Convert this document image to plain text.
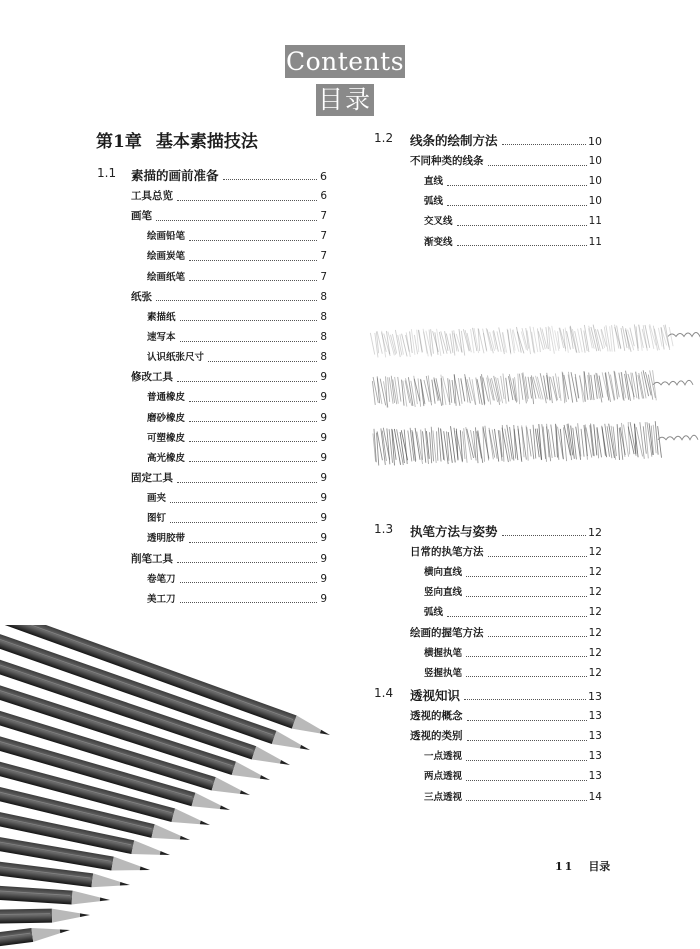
Contents
目录
第1章 基本素描技法
1.1 素描的画前准备	6
工具总览	6
画笔	7
绘画铅笔	7
绘画炭笔	7
绘画纸笔	7
纸张	8
素描纸	8
速写本	8
认识纸张尺寸	8
修改工具	9
普通橡皮	9
磨砂橡皮	9
可塑橡皮	9
高光橡皮	9
固定工具	9
画夹	9
图钉	9
透明胶带	9
削笔工具	9
卷笔刀	9
美工刀	9
1.2 线条的绘制方法	10
不同种类的线条	10
直线	10
弧线	10
交叉线	11
渐变线	11
1.3 执笔方法与姿势	12
日常的执笔方法	12
横向直线	12
竖向直线	12
弧线	12
绘画的握笔方法	12
横握执笔	12
竖握执笔	12
1.4 透视知识	13
透视的概念	13
透视的类别	13
一点透视	13
两点透视	13
三点透视	14
11 目录
